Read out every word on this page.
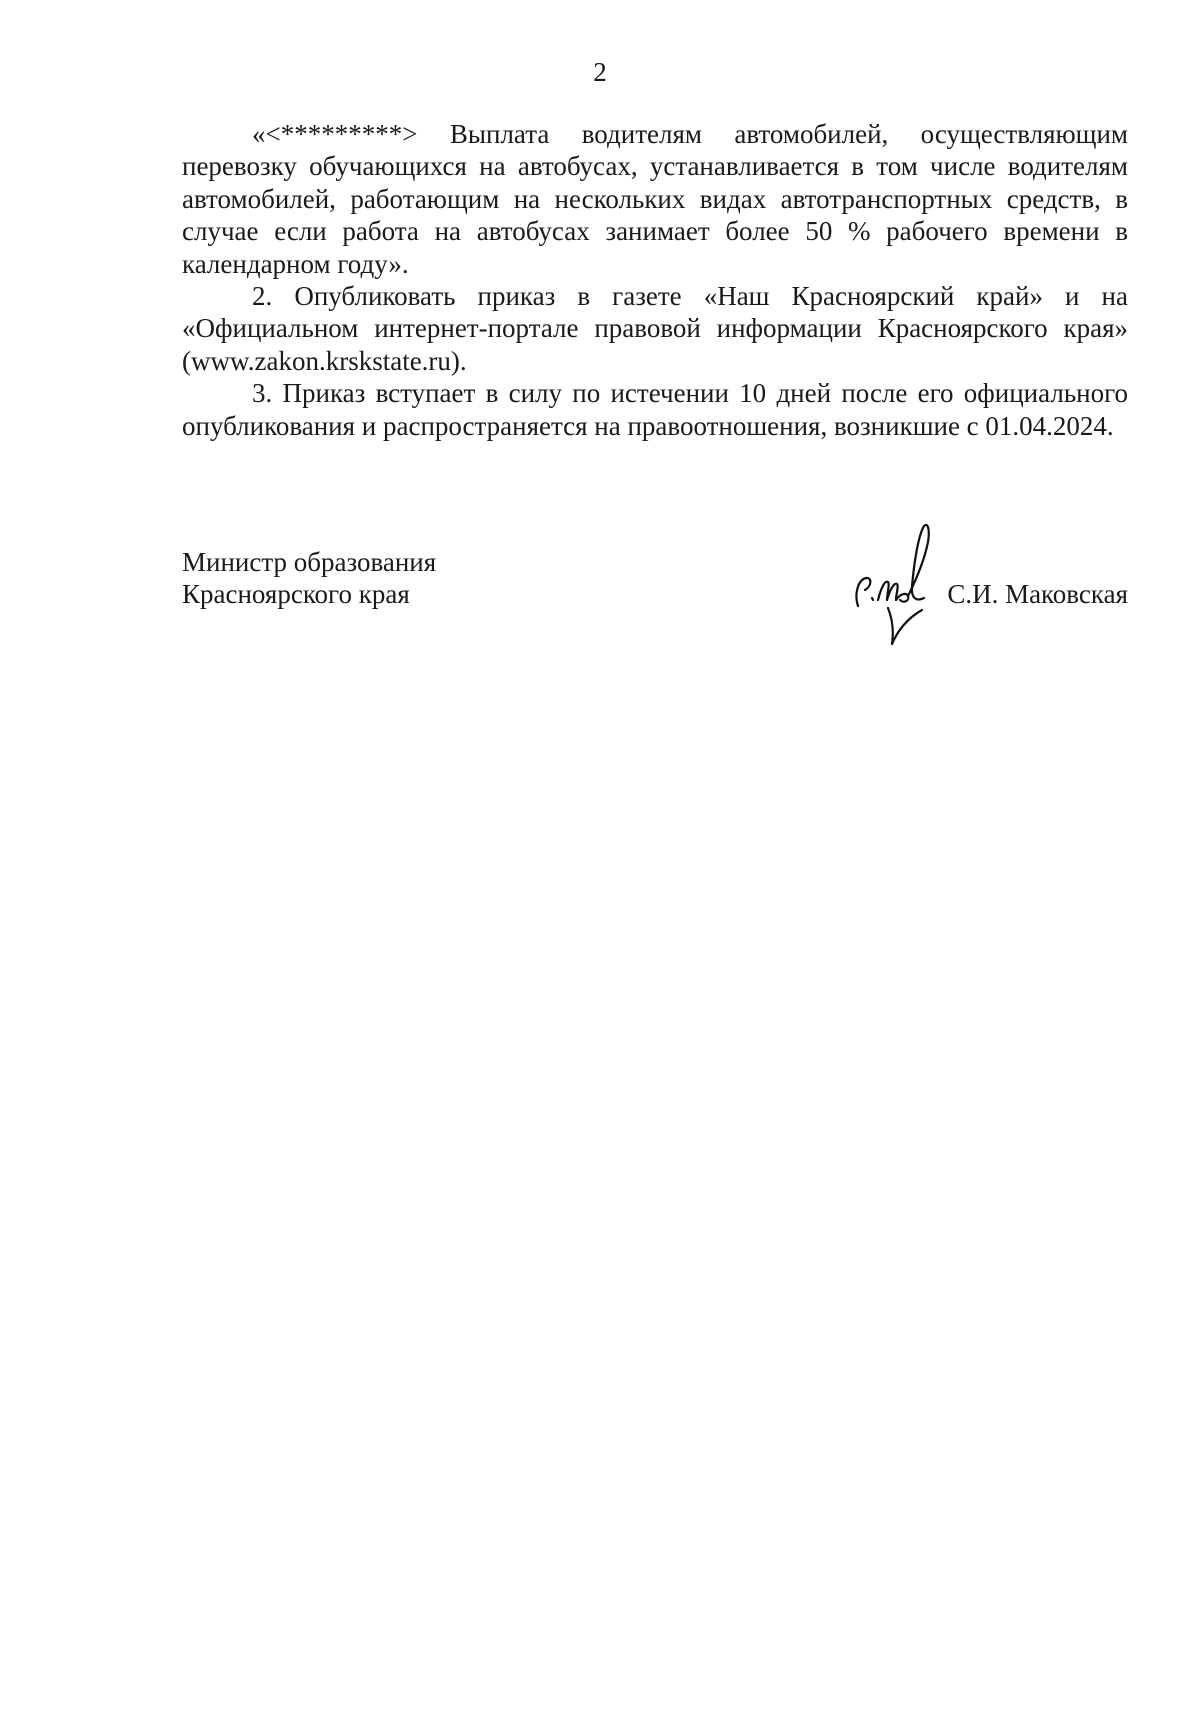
2

«<*********> Выплата водителям автомобилей, осуществляющим перевозку обучающихся на автобусах, устанавливается в том числе водителям автомобилей, работающим на нескольких видах автотранспортных средств, в случае если работа на автобусах занимает более 50 % рабочего времени в календарном году».

2. Опубликовать приказ в газете «Наш Красноярский край» и на «Официальном интернет-портале правовой информации Красноярского края» (www.zakon.krskstate.ru).

3. Приказ вступает в силу по истечении 10 дней после его официального опубликования и распространяется на правоотношения, возникшие с 01.04.2024.

Министр образования
Красноярского края	С.И. Маковская
